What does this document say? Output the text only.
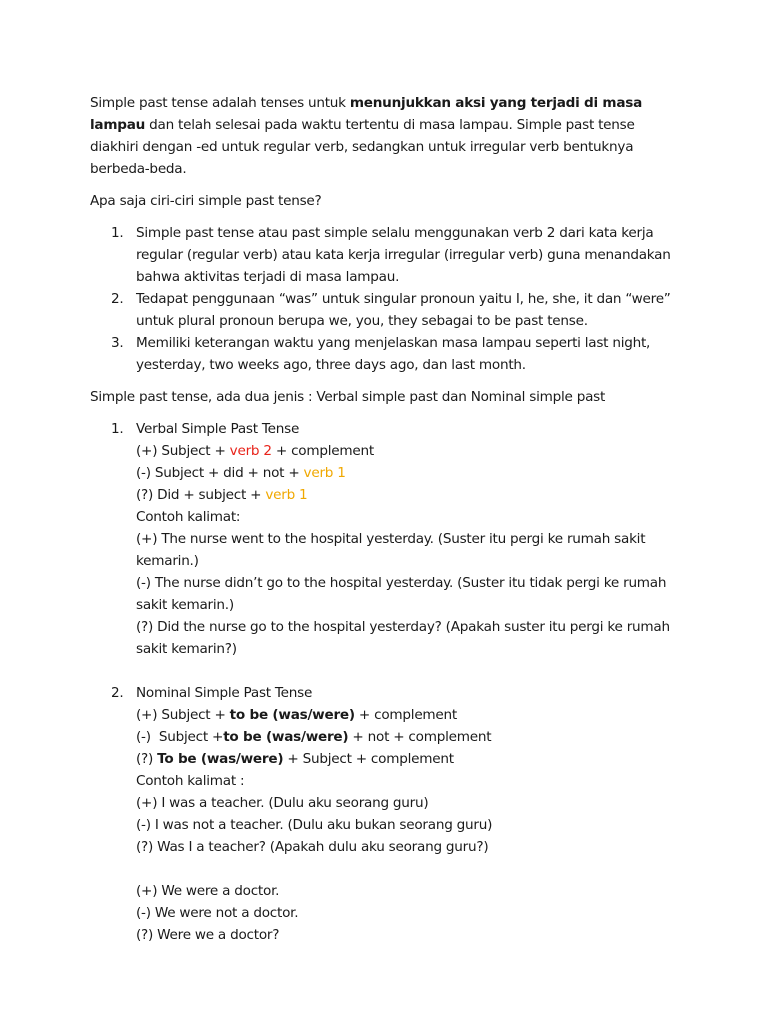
Simple past tense adalah tenses untuk menunjukkan aksi yang terjadi di masa lampau dan telah selesai pada waktu tertentu di masa lampau. Simple past tense diakhiri dengan -ed untuk regular verb, sedangkan untuk irregular verb bentuknya berbeda-beda.

Apa saja ciri-ciri simple past tense?

1. Simple past tense atau past simple selalu menggunakan verb 2 dari kata kerja regular (regular verb) atau kata kerja irregular (irregular verb) guna menandakan bahwa aktivitas terjadi di masa lampau.
2. Tedapat penggunaan “was” untuk singular pronoun yaitu I, he, she, it dan “were” untuk plural pronoun berupa we, you, they sebagai to be past tense.
3. Memiliki keterangan waktu yang menjelaskan masa lampau seperti last night, yesterday, two weeks ago, three days ago, dan last month.

Simple past tense, ada dua jenis : Verbal simple past dan Nominal simple past

1. Verbal Simple Past Tense
(+) Subject + verb 2 + complement
(-) Subject + did + not + verb 1
(?) Did + subject + verb 1
Contoh kalimat:
(+) The nurse went to the hospital yesterday. (Suster itu pergi ke rumah sakit kemarin.)
(-) The nurse didn’t go to the hospital yesterday. (Suster itu tidak pergi ke rumah sakit kemarin.)
(?) Did the nurse go to the hospital yesterday? (Apakah suster itu pergi ke rumah sakit kemarin?)
2. Nominal Simple Past Tense
(+) Subject + to be (was/were) + complement
(-)  Subject +to be (was/were) + not + complement
(?) To be (was/were) + Subject + complement
Contoh kalimat :
(+) I was a teacher. (Dulu aku seorang guru)
(-) I was not a teacher. (Dulu aku bukan seorang guru)
(?) Was I a teacher? (Apakah dulu aku seorang guru?)
(+) We were a doctor.
(-) We were not a doctor.
(?) Were we a doctor?
